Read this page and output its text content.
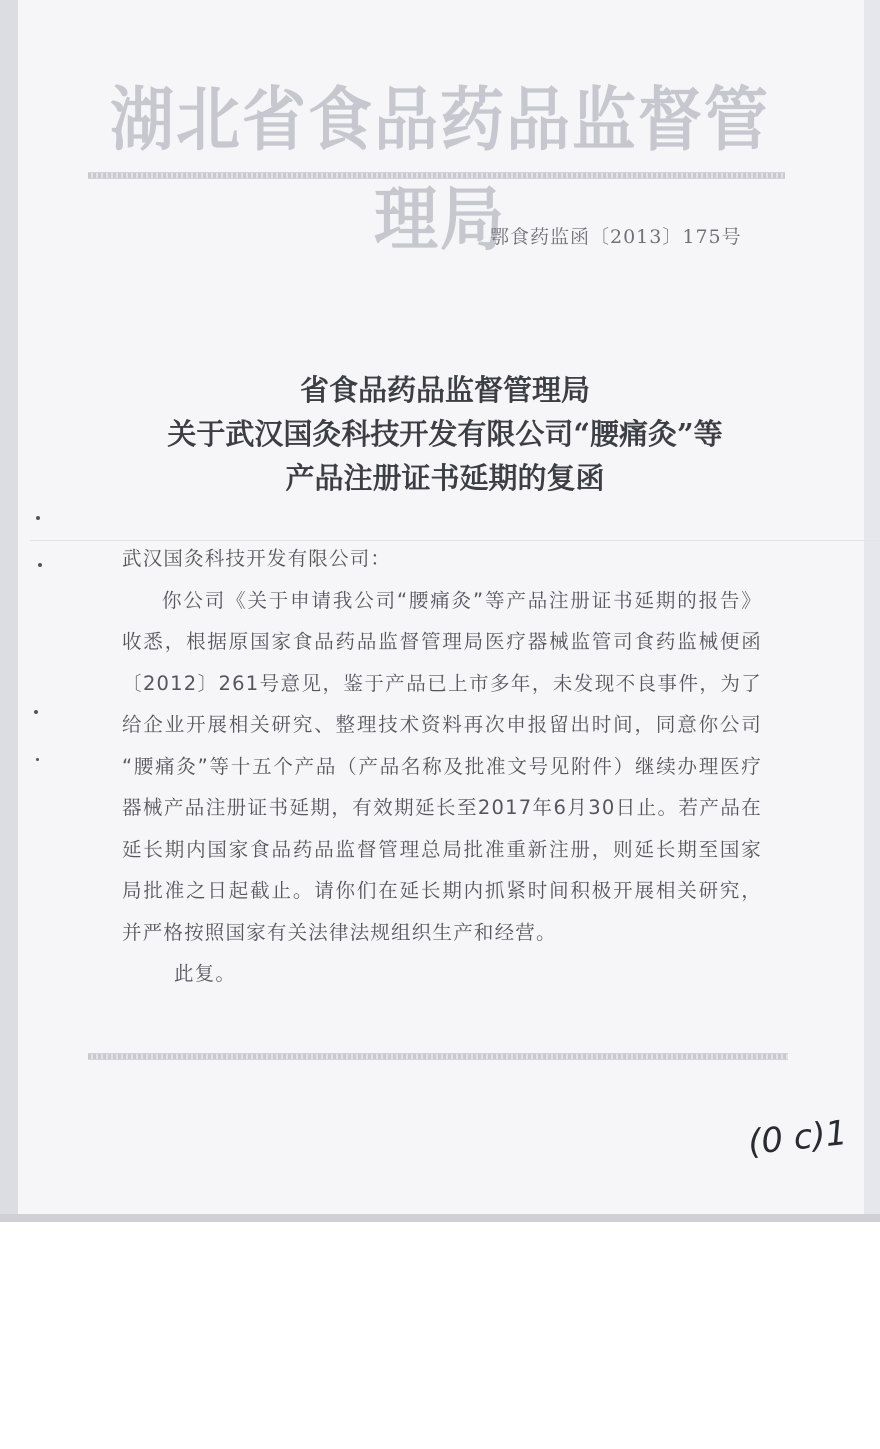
湖北省食品药品监督管理局
鄂食药监函〔2013〕175号
省食品药品监督管理局
关于武汉国灸科技开发有限公司“腰痛灸”等
产品注册证书延期的复函

武汉国灸科技开发有限公司：

你公司《关于申请我公司“腰痛灸”等产品注册证书延期的报告》收悉，根据原国家食品药品监督管理局医疗器械监管司食药监械便函〔2012〕261号意见，鉴于产品已上市多年，未发现不良事件，为了给企业开展相关研究、整理技术资料再次申报留出时间，同意你公司 “腰痛灸”等十五个产品（产品名称及批准文号见附件）继续办理医疗器械产品注册证书延期，有效期延长至2017年6月30日止。若产品在延长期内国家食品药品监督管理总局批准重新注册，则延长期至国家局批准之日起截止。请你们在延长期内抓紧时间积极开展相关研究，并严格按照国家有关法律法规组织生产和经营。

此复。

(0 c)1
